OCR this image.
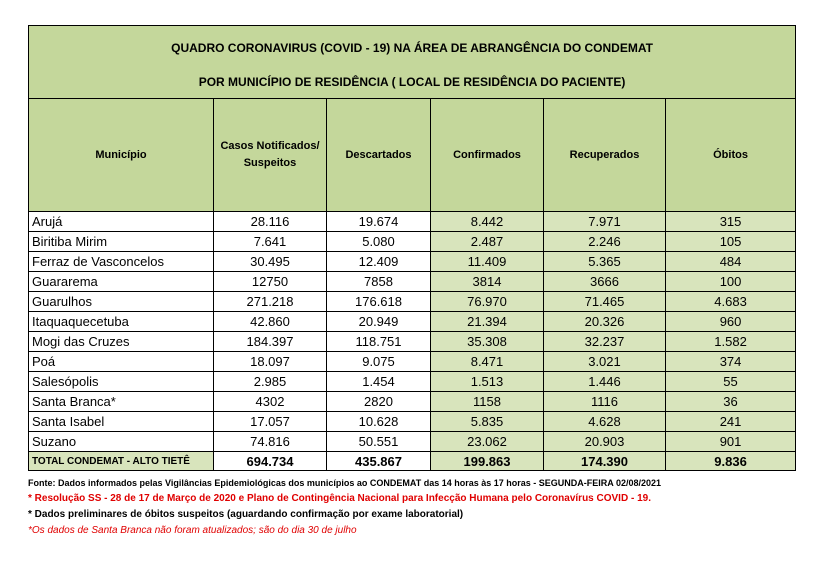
QUADRO CORONAVIRUS (COVID - 19) NA ÁREA DE ABRANGÊNCIA DO CONDEMAT
POR MUNICÍPIO DE RESIDÊNCIA ( LOCAL DE RESIDÊNCIA DO PACIENTE)					

Município	Casos Notificados/ Suspeitos	Descartados	Confirmados	Recuperados	Óbitos
Arujá	28.116	19.674	8.442	7.971	315
Biritiba Mirim	7.641	5.080	2.487	2.246	105
Ferraz de Vasconcelos	30.495	12.409	11.409	5.365	484
Guararema	12750	7858	3814	3666	100
Guarulhos	271.218	176.618	76.970	71.465	4.683
Itaquaquecetuba	42.860	20.949	21.394	20.326	960
Mogi das Cruzes	184.397	118.751	35.308	32.237	1.582
Poá	18.097	9.075	8.471	3.021	374
Salesópolis	2.985	1.454	1.513	1.446	55
Santa Branca*	4302	2820	1158	1116	36
Santa Isabel	17.057	10.628	5.835	4.628	241
Suzano	74.816	50.551	23.062	20.903	901
TOTAL CONDEMAT - ALTO TIETÊ	694.734	435.867	199.863	174.390	9.836
Fonte: Dados informados pelas Vigilâncias Epidemiológicas dos municípios ao CONDEMAT das 14 horas às 17 horas - SEGUNDA-FEIRA 02/08/2021
* Resolução SS - 28 de 17 de Março de 2020 e Plano de Contingência Nacional para Infecção Humana pelo Coronavírus COVID - 19.
* Dados preliminares de óbitos suspeitos (aguardando confirmação por exame laboratorial)
*Os dados de Santa Branca não foram atualizados; são do dia 30 de julho
